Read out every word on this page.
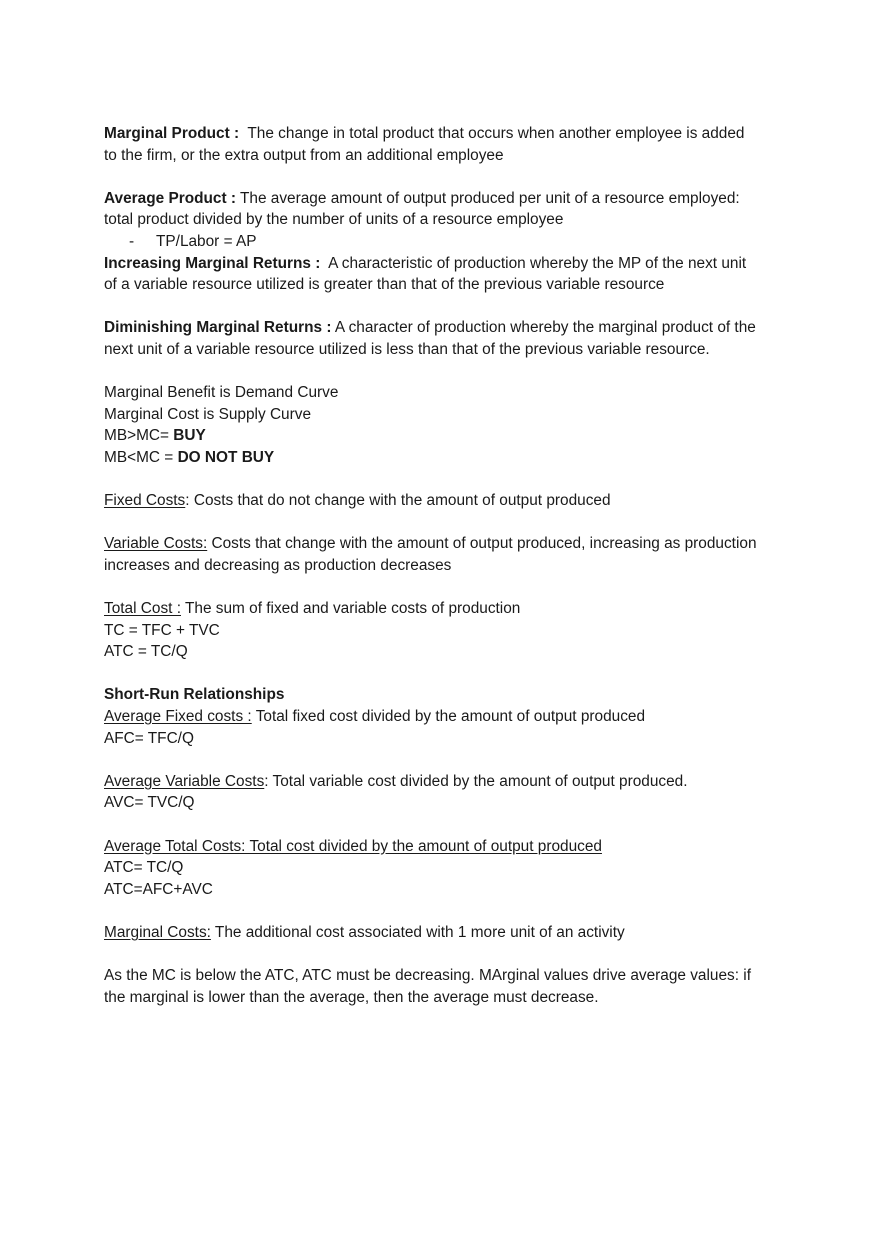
Marginal Product : The change in total product that occurs when another employee is added
to the firm, or the extra output from an additional employee
Average Product : The average amount of output produced per unit of a resource employed:
total product divided by the number of units of a resource employee
- TP/Labor = AP
Increasing Marginal Returns : A characteristic of production whereby the MP of the next unit
of a variable resource utilized is greater than that of the previous variable resource
Diminishing Marginal Returns : A character of production whereby the marginal product of the
next unit of a variable resource utilized is less than that of the previous variable resource.
Marginal Benefit is Demand Curve
Marginal Cost is Supply Curve
MB>MC= BUY
MB<MC = DO NOT BUY
Fixed Costs: Costs that do not change with the amount of output produced
Variable Costs: Costs that change with the amount of output produced, increasing as production
increases and decreasing as production decreases
Total Cost : The sum of fixed and variable costs of production
TC = TFC + TVC
ATC = TC/Q
Short-Run Relationships
Average Fixed costs : Total fixed cost divided by the amount of output produced
AFC= TFC/Q
Average Variable Costs: Total variable cost divided by the amount of output produced.
AVC= TVC/Q
Average Total Costs: Total cost divided by the amount of output produced
ATC= TC/Q
ATC=AFC+AVC
Marginal Costs: The additional cost associated with 1 more unit of an activity
As the MC is below the ATC, ATC must be decreasing. MArginal values drive average values: if
the marginal is lower than the average, then the average must decrease.
